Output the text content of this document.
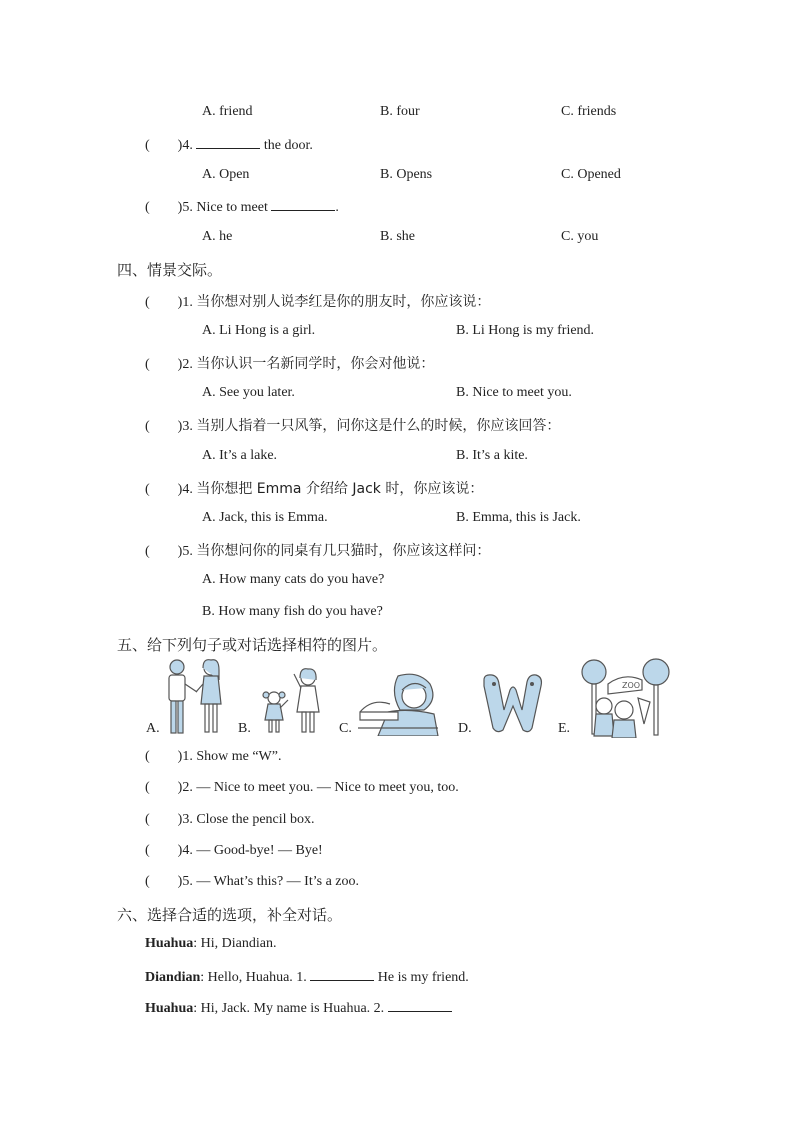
A. friend	B. four	C. friends
( )4.	the door.
A. Open	B. Opens	C. Opened
( )5. Nice to meet	.
A. he	B. she	C. you
四、情景交际。
( )1. 当你想对别人说李红是你的朋友时，你应该说：
A. Li Hong is a girl.	B. Li Hong is my friend.
( )2. 当你认识一名新同学时，你会对他说：
A. See you later.	B. Nice to meet you.
( )3. 当别人指着一只风筝，问你这是什么的时候，你应该回答：
A. It’s a lake.	B. It’s a kite.
( )4. 当你想把 Emma 介绍给 Jack 时，你应该说：
A. Jack, this is Emma.	B. Emma, this is Jack.
( )5. 当你想问你的同桌有几只猫时，你应该这样问：
A. How many cats do you have?
B. How many fish do you have?
五、给下列句子或对话选择相符的图片。
A.	B.	C.	D.	E.
ZOO
( )1. Show me “W”.
( )2. — Nice to meet you. — Nice to meet you, too.
( )3. Close the pencil box.
( )4. — Good-bye! — Bye!
( )5. — What’s this? — It’s a zoo.
六、选择合适的选项，补全对话。
Huahua: Hi, Diandian.
Diandian: Hello, Huahua. 1.	He is my friend.
Huahua: Hi, Jack. My name is Huahua. 2.
